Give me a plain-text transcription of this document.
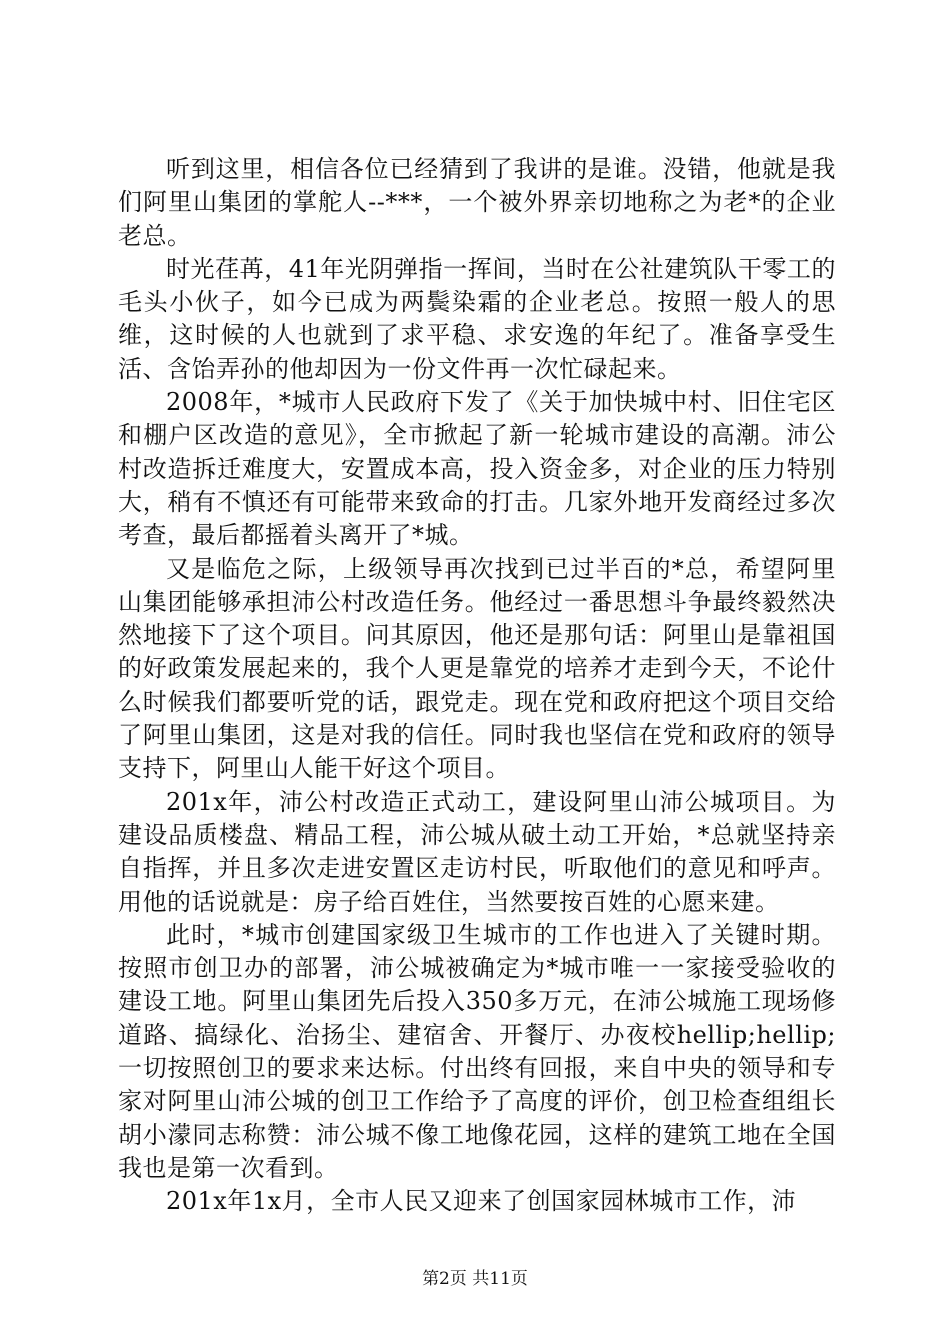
听到这里，相信各位已经猜到了我讲的是谁。没错，他就是我们阿里山集团的掌舵人--***，一个被外界亲切地称之为老*的企业老总。

时光荏苒，41年光阴弹指一挥间，当时在公社建筑队干零工的毛头小伙子，如今已成为两鬓染霜的企业老总。按照一般人的思维，这时候的人也就到了求平稳、求安逸的年纪了。准备享受生活、含饴弄孙的他却因为一份文件再一次忙碌起来。

2008年，*城市人民政府下发了《关于加快城中村、旧住宅区和棚户区改造的意见》，全市掀起了新一轮城市建设的高潮。沛公村改造拆迁难度大，安置成本高，投入资金多，对企业的压力特别大，稍有不慎还有可能带来致命的打击。几家外地开发商经过多次考查，最后都摇着头离开了*城。

又是临危之际，上级领导再次找到已过半百的*总，希望阿里山集团能够承担沛公村改造任务。他经过一番思想斗争最终毅然决然地接下了这个项目。问其原因，他还是那句话：阿里山是靠祖国的好政策发展起来的，我个人更是靠党的培养才走到今天，不论什么时候我们都要听党的话，跟党走。现在党和政府把这个项目交给了阿里山集团，这是对我的信任。同时我也坚信在党和政府的领导支持下，阿里山人能干好这个项目。

201x年，沛公村改造正式动工，建设阿里山沛公城项目。为建设品质楼盘、精品工程，沛公城从破土动工开始，*总就坚持亲自指挥，并且多次走进安置区走访村民，听取他们的意见和呼声。用他的话说就是：房子给百姓住，当然要按百姓的心愿来建。

此时，*城市创建国家级卫生城市的工作也进入了关键时期。按照市创卫办的部署，沛公城被确定为*城市唯一一家接受验收的建设工地。阿里山集团先后投入350多万元，在沛公城施工现场修道路、搞绿化、治扬尘、建宿舍、开餐厅、办夜校hellip;hellip;一切按照创卫的要求来达标。付出终有回报，来自中央的领导和专家对阿里山沛公城的创卫工作给予了高度的评价，创卫检查组组长胡小濛同志称赞：沛公城不像工地像花园，这样的建筑工地在全国我也是第一次看到。

201x年1x月，全市人民又迎来了创国家园林城市工作，沛

第2页 共11页
